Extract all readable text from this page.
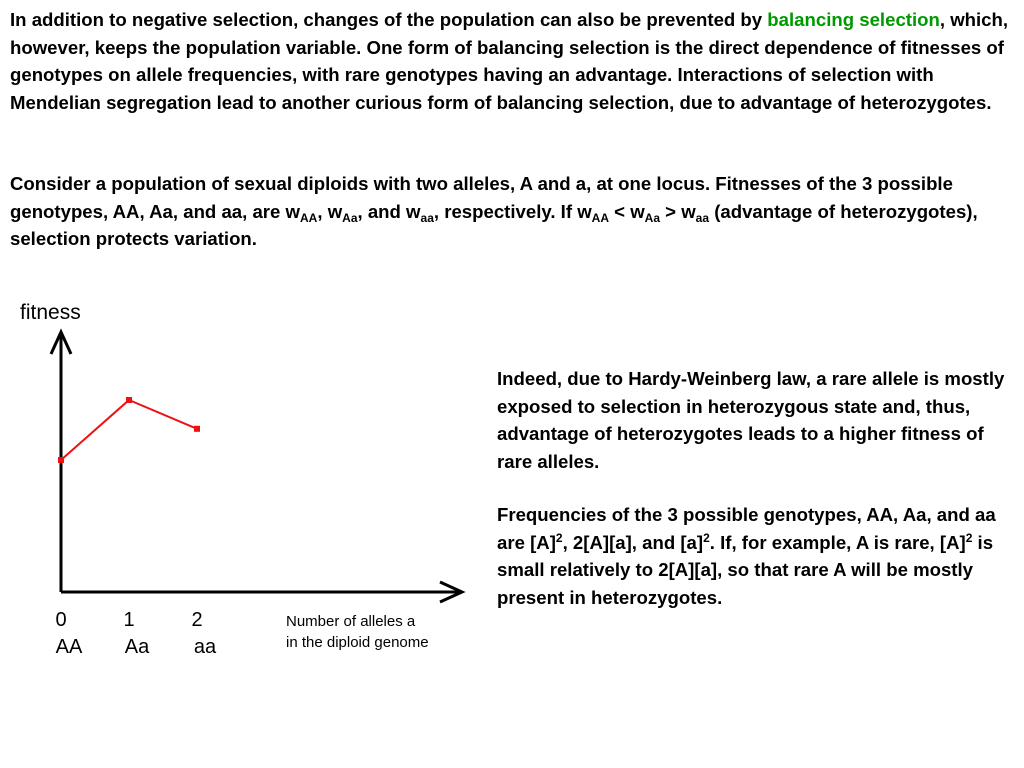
In addition to negative selection, changes of the population can also be prevented by balancing selection, which, however, keeps the population variable. One form of balancing selection is the direct dependence of fitnesses of genotypes on allele frequencies, with rare genotypes having an advantage. Interactions of selection with Mendelian segregation lead to another curious form of balancing selection, due to advantage of heterozygotes.

Consider a population of sexual diploids with two alleles, A and a, at one locus. Fitnesses of the 3 possible genotypes, AA, Aa, and aa, are $w_{AA}$, $w_{Aa}$, and $w_{aa}$, respectively. If $w_{AA} < w_{Aa} > w_{aa}$ (advantage of heterozygotes), selection protects variation.

fitness
Number of alleles a
in the diploid genome
0
AA
1
Aa
2
aa

Indeed, due to Hardy-Weinberg law, a rare allele is mostly exposed to selection in heterozygous state and, thus, advantage of heterozygotes leads to a higher fitness of rare alleles.

Frequencies of the 3 possible genotypes, AA, Aa, and aa are $[A]^2$, 2[A][a], and $[a]^2$. If, for example, A is rare, $[A]^2$ is small relatively to 2[A][a], so that rare A will be mostly present in heterozygotes.
